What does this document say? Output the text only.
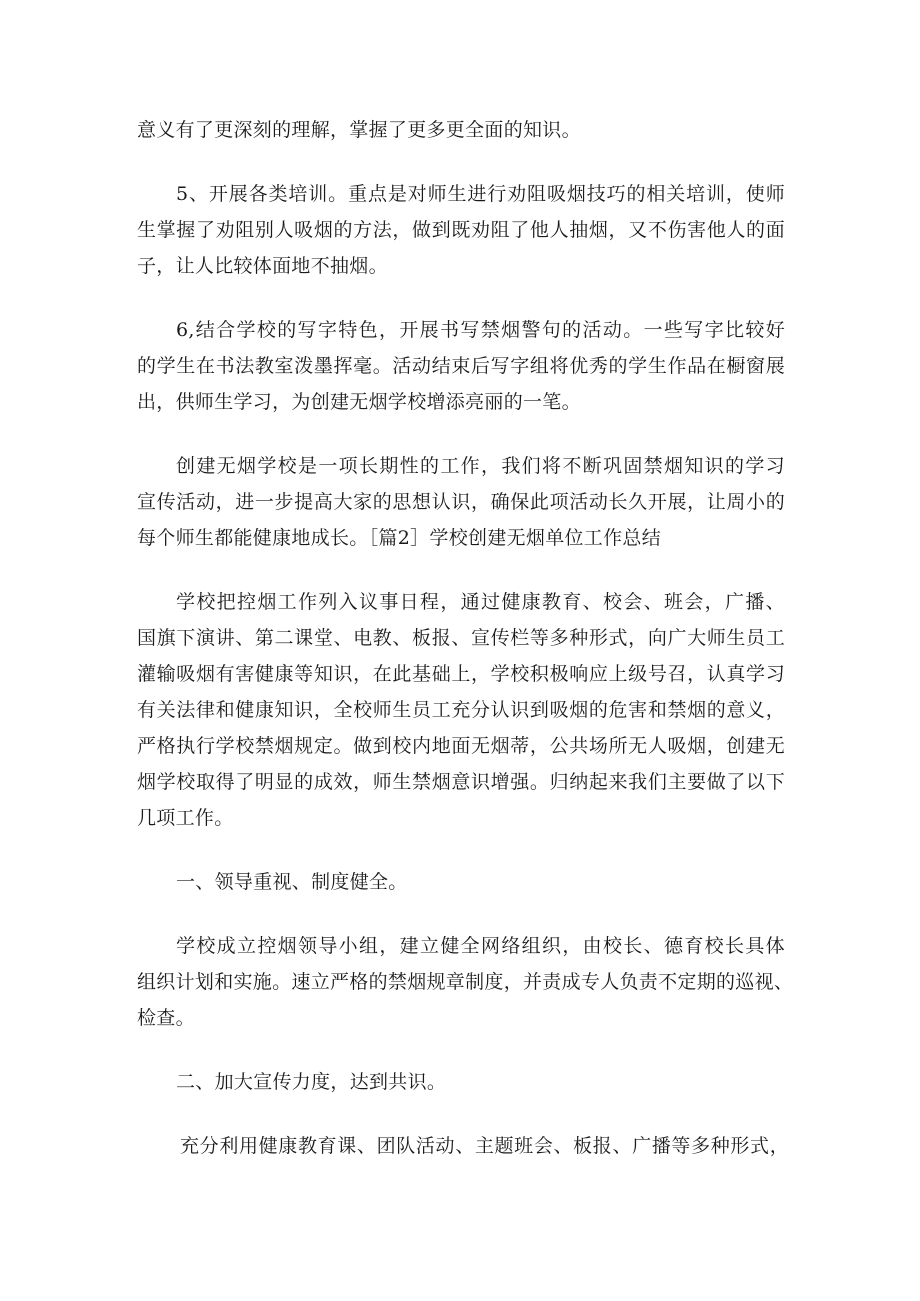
意义有了更深刻的理解，掌握了更多更全面的知识。
5、开展各类培训。重点是对师生进行劝阻吸烟技巧的相关培训，使师
生掌握了劝阻别人吸烟的方法，做到既劝阻了他人抽烟，又不伤害他人的面
子，让人比较体面地不抽烟。
6,结合学校的写字特色，开展书写禁烟警句的活动。一些写字比较好
的学生在书法教室泼墨挥毫。活动结束后写字组将优秀的学生作品在橱窗展
出，供师生学习，为创建无烟学校增添亮丽的一笔。
创建无烟学校是一项长期性的工作，我们将不断巩固禁烟知识的学习
宣传活动，进一步提高大家的思想认识，确保此项活动长久开展，让周小的
每个师生都能健康地成长。［篇2］学校创建无烟单位工作总结
学校把控烟工作列入议事日程，通过健康教育、校会、班会，广播、
国旗下演讲、第二课堂、电教、板报、宣传栏等多种形式，向广大师生员工
灌输吸烟有害健康等知识，在此基础上，学校积极响应上级号召，认真学习
有关法律和健康知识，全校师生员工充分认识到吸烟的危害和禁烟的意义，
严格执行学校禁烟规定。做到校内地面无烟蒂，公共场所无人吸烟，创建无
烟学校取得了明显的成效，师生禁烟意识增强。归纳起来我们主要做了以下
几项工作。
一、领导重视、制度健全。
学校成立控烟领导小组，建立健全网络组织，由校长、德育校长具体
组织计划和实施。速立严格的禁烟规章制度，并责成专人负责不定期的巡视、
检查。
二、加大宣传力度，达到共识。
充分利用健康教育课、团队活动、主题班会、板报、广播等多种形式，
